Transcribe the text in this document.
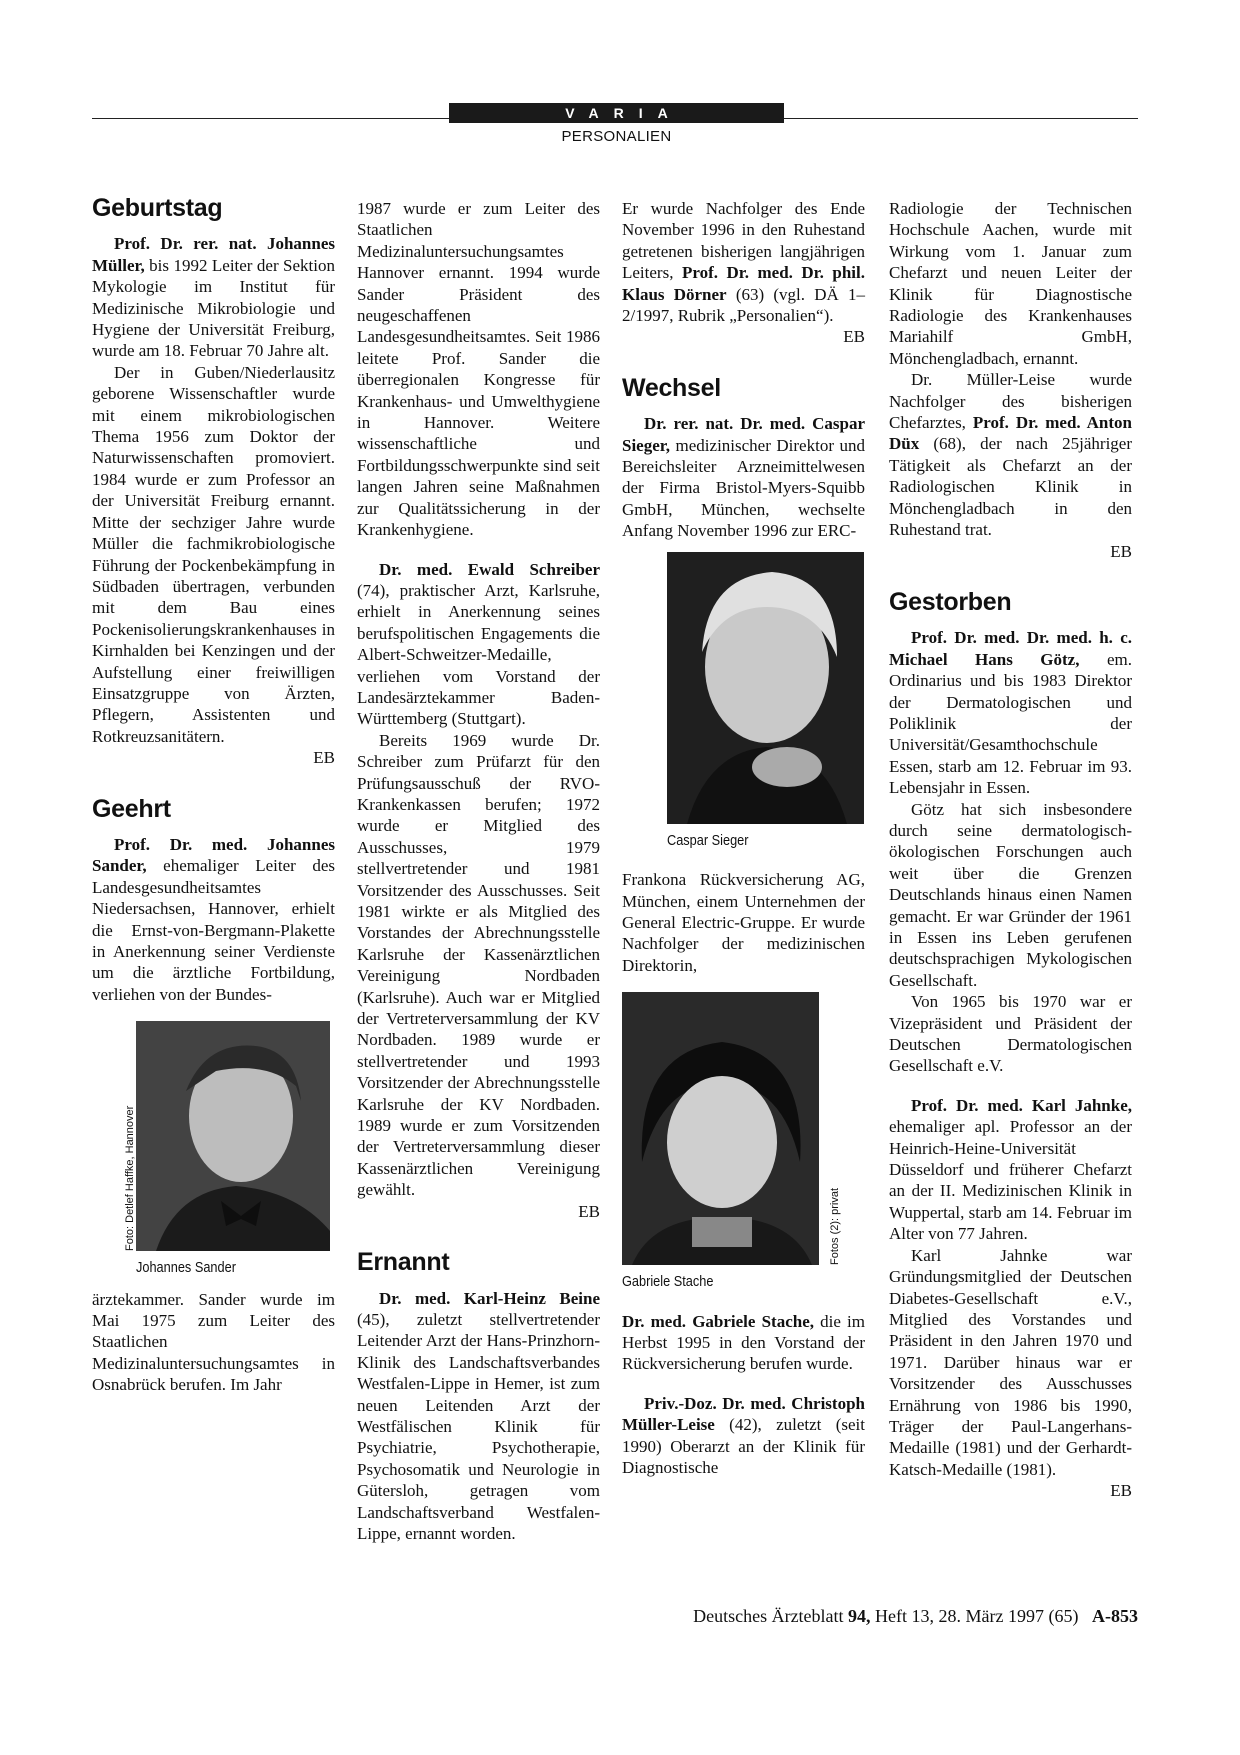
VARIA
PERSONALIEN
Geburtstag

Prof. Dr. rer. nat. Johannes Müller, bis 1992 Leiter der Sektion Mykologie im Institut für Medizinische Mikrobiologie und Hygiene der Universität Freiburg, wurde am 18. Februar 70 Jahre alt.

Der in Guben/Niederlausitz geborene Wissenschaftler wurde mit einem mikrobiologischen Thema 1956 zum Doktor der Naturwissenschaften promoviert. 1984 wurde er zum Professor an der Universität Freiburg ernannt. Mitte der sechziger Jahre wurde Müller die fachmikrobiologische Führung der Pockenbekämpfung in Südbaden übertragen, verbunden mit dem Bau eines Pockenisolierungskrankenhauses in Kirnhalden bei Kenzingen und der Aufstellung einer freiwilligen Einsatzgruppe von Ärzten, Pflegern, Assistenten und Rotkreuzsanitätern.
EB

Geehrt

Prof. Dr. med. Johannes Sander, ehemaliger Leiter des Landesgesundheitsamtes Niedersachsen, Hannover, erhielt die Ernst-von-Bergmann-Plakette in Anerkennung seiner Verdienste um die ärztliche Fortbildung, verliehen von der Bundes-

Johannes Sander
Foto: Detlef Haffke, Hannover

ärztekammer. Sander wurde im Mai 1975 zum Leiter des Staatlichen Medizinaluntersuchungsamtes in Osnabrück berufen. Im Jahr

1987 wurde er zum Leiter des Staatlichen Medizinaluntersuchungsamtes Hannover ernannt. 1994 wurde Sander Präsident des neugeschaffenen Landesgesundheitsamtes. Seit 1986 leitete Prof. Sander die überregionalen Kongresse für Krankenhaus- und Umwelthygiene in Hannover. Weitere wissenschaftliche und Fortbildungsschwerpunkte sind seit langen Jahren seine Maßnahmen zur Qualitätssicherung in der Krankenhygiene.

Dr. med. Ewald Schreiber (74), praktischer Arzt, Karlsruhe, erhielt in Anerkennung seines berufspolitischen Engagements die Albert-Schweitzer-Medaille, verliehen vom Vorstand der Landesärztekammer Baden-Württemberg (Stuttgart).

Bereits 1969 wurde Dr. Schreiber zum Prüfarzt für den Prüfungsausschuß der RVO-Krankenkassen berufen; 1972 wurde er Mitglied des Ausschusses, 1979 stellvertretender und 1981 Vorsitzender des Ausschusses. Seit 1981 wirkte er als Mitglied des Vorstandes der Abrechnungsstelle Karlsruhe der Kassenärztlichen Vereinigung Nordbaden (Karlsruhe). Auch war er Mitglied der Vertreterversammlung der KV Nordbaden. 1989 wurde er stellvertretender und 1993 Vorsitzender der Abrechnungsstelle Karlsruhe der KV Nordbaden. 1989 wurde er zum Vorsitzenden der Vertreterversammlung dieser Kassenärztlichen Vereinigung gewählt.
EB

Ernannt

Dr. med. Karl-Heinz Beine (45), zuletzt stellvertretender Leitender Arzt der Hans-Prinzhorn-Klinik des Landschaftsverbandes Westfalen-Lippe in Hemer, ist zum neuen Leitenden Arzt der Westfälischen Klinik für Psychiatrie, Psychotherapie, Psychosomatik und Neurologie in Gütersloh, getragen vom Landschaftsverband Westfalen-Lippe, ernannt worden.

Er wurde Nachfolger des Ende November 1996 in den Ruhestand getretenen bisherigen langjährigen Leiters, Prof. Dr. med. Dr. phil. Klaus Dörner (63) (vgl. DÄ 1–2/1997, Rubrik „Personalien“).
EB

Wechsel

Dr. rer. nat. Dr. med. Caspar Sieger, medizinischer Direktor und Bereichsleiter Arzneimittelwesen der Firma Bristol-Myers-Squibb GmbH, München, wechselte Anfang November 1996 zur ERC-

Caspar Sieger

Frankona Rückversicherung AG, München, einem Unternehmen der General Electric-Gruppe. Er wurde Nachfolger der medizinischen Direktorin,

Gabriele Stache
Fotos (2): privat

Dr. med. Gabriele Stache, die im Herbst 1995 in den Vorstand der Rückversicherung berufen wurde.

Priv.-Doz. Dr. med. Christoph Müller-Leise (42), zuletzt (seit 1990) Oberarzt an der Klinik für Diagnostische

Radiologie der Technischen Hochschule Aachen, wurde mit Wirkung vom 1. Januar zum Chefarzt und neuen Leiter der Klinik für Diagnostische Radiologie des Krankenhauses Mariahilf GmbH, Mönchengladbach, ernannt.

Dr. Müller-Leise wurde Nachfolger des bisherigen Chefarztes, Prof. Dr. med. Anton Düx (68), der nach 25jähriger Tätigkeit als Chefarzt an der Radiologischen Klinik in Mönchengladbach in den Ruhestand trat.
EB

Gestorben

Prof. Dr. med. Dr. med. h. c. Michael Hans Götz, em. Ordinarius und bis 1983 Direktor der Dermatologischen und Poliklinik der Universität/Gesamthochschule Essen, starb am 12. Februar im 93. Lebensjahr in Essen.

Götz hat sich insbesondere durch seine dermatologisch-ökologischen Forschungen auch weit über die Grenzen Deutschlands hinaus einen Namen gemacht. Er war Gründer der 1961 in Essen ins Leben gerufenen deutschsprachigen Mykologischen Gesellschaft.

Von 1965 bis 1970 war er Vizepräsident und Präsident der Deutschen Dermatologischen Gesellschaft e.V.

Prof. Dr. med. Karl Jahnke, ehemaliger apl. Professor an der Heinrich-Heine-Universität Düsseldorf und früherer Chefarzt an der II. Medizinischen Klinik in Wuppertal, starb am 14. Februar im Alter von 77 Jahren.

Karl Jahnke war Gründungsmitglied der Deutschen Diabetes-Gesellschaft e.V., Mitglied des Vorstandes und Präsident in den Jahren 1970 und 1971. Darüber hinaus war er Vorsitzender des Ausschusses Ernährung von 1986 bis 1990, Träger der Paul-Langerhans-Medaille (1981) und der Gerhardt-Katsch-Medaille (1981).
EB

Deutsches Ärzteblatt 94, Heft 13, 28. März 1997 (65) A-853
